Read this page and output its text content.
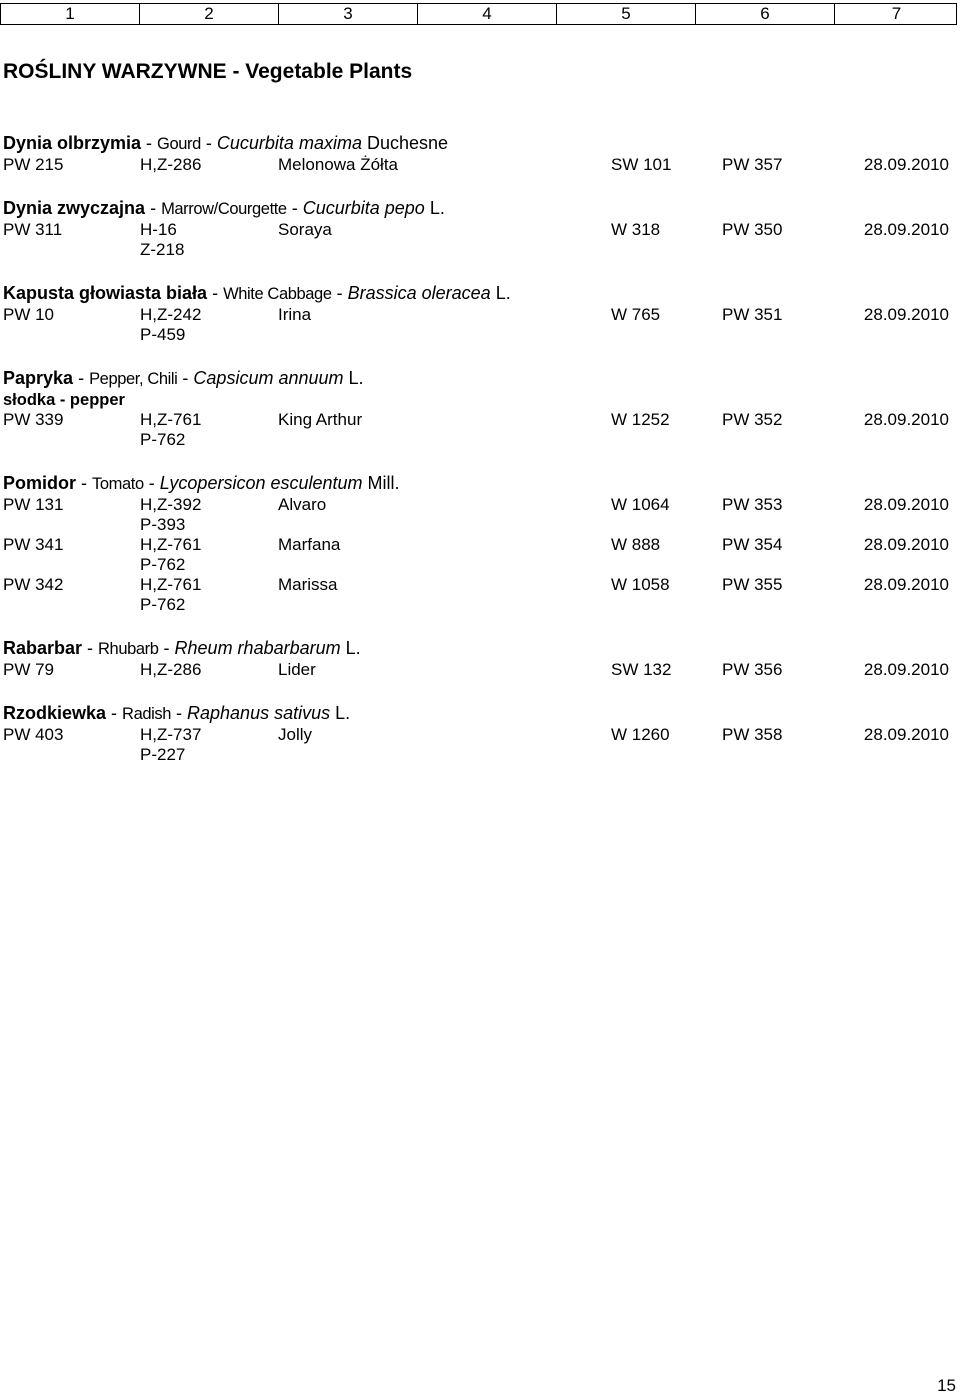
1	2	3	4	5	6	7
ROŚLINY WARZYWNE - Vegetable Plants
Dynia olbrzymia - Gourd - Cucurbita maxima Duchesne
PW 215	H,Z-286	Melonowa Żółta	SW 101	PW 357	28.09.2010
Dynia zwyczajna - Marrow/Courgette - Cucurbita pepo L.
PW 311	H-16	Soraya	W 318	PW 350	28.09.2010
Z-218
Kapusta głowiasta biała - White Cabbage - Brassica oleracea L.
PW 10	H,Z-242	Irina	W 765	PW 351	28.09.2010
P-459
Papryka - Pepper, Chili - Capsicum annuum L.
słodka - pepper
PW 339	H,Z-761	King Arthur	W 1252	PW 352	28.09.2010
P-762
Pomidor - Tomato - Lycopersicon esculentum Mill.
PW 131	H,Z-392	Alvaro	W 1064	PW 353	28.09.2010
P-393
PW 341	H,Z-761	Marfana	W 888	PW 354	28.09.2010
P-762
PW 342	H,Z-761	Marissa	W 1058	PW 355	28.09.2010
P-762
Rabarbar - Rhubarb - Rheum rhabarbarum L.
PW 79	H,Z-286	Lider	SW 132	PW 356	28.09.2010
Rzodkiewka - Radish - Raphanus sativus L.
PW 403	H,Z-737	Jolly	W 1260	PW 358	28.09.2010
P-227
15
